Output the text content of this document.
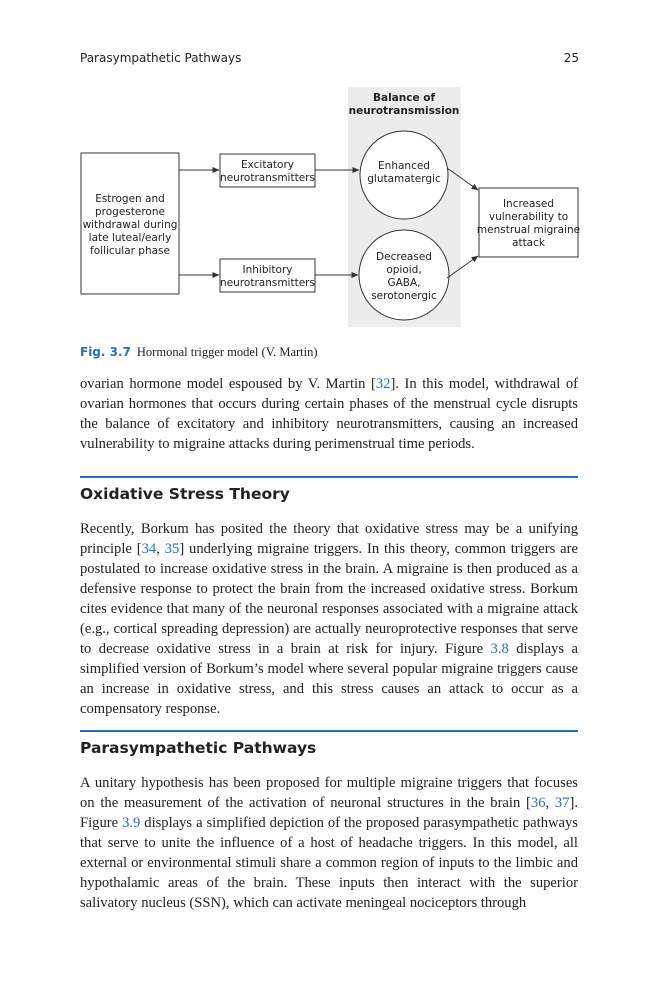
Parasympathetic Pathways	25
Balance of
neurotransmission
Estrogen and
progesterone
withdrawal during
late luteal/early
follicular phase
Excitatory
neurotransmitters
Inhibitory
neurotransmitters
Enhanced
glutamatergic
Decreased
opioid,
GABA,
serotonergic
Increased
vulnerability to
menstrual migraine
attack
Fig. 3.7 Hormonal trigger model (V. Martin)

ovarian hormone model espoused by V. Martin [32]. In this model, withdrawal of ovarian hormones that occurs during certain phases of the menstrual cycle disrupts the balance of excitatory and inhibitory neurotransmitters, causing an increased vulnerability to migraine attacks during perimenstrual time periods.

Oxidative Stress Theory

Recently, Borkum has posited the theory that oxidative stress may be a unifying principle [34, 35] underlying migraine triggers. In this theory, common triggers are postulated to increase oxidative stress in the brain. A migraine is then produced as a defensive response to protect the brain from the increased oxidative stress. Borkum cites evidence that many of the neuronal responses associated with a migraine attack (e.g., cortical spreading depression) are actually neuroprotective responses that serve to decrease oxidative stress in a brain at risk for injury. Figure 3.8 displays a simplified version of Borkum’s model where several popular migraine triggers cause an increase in oxidative stress, and this stress causes an attack to occur as a compensatory response.

Parasympathetic Pathways

A unitary hypothesis has been proposed for multiple migraine triggers that focuses on the measurement of the activation of neuronal structures in the brain [36, 37]. Figure 3.9 displays a simplified depiction of the proposed parasympathetic pathways that serve to unite the influence of a host of headache triggers. In this model, all external or environmental stimuli share a common region of inputs to the limbic and hypothalamic areas of the brain. These inputs then interact with the superior salivatory nucleus (SSN), which can activate meningeal nociceptors through
